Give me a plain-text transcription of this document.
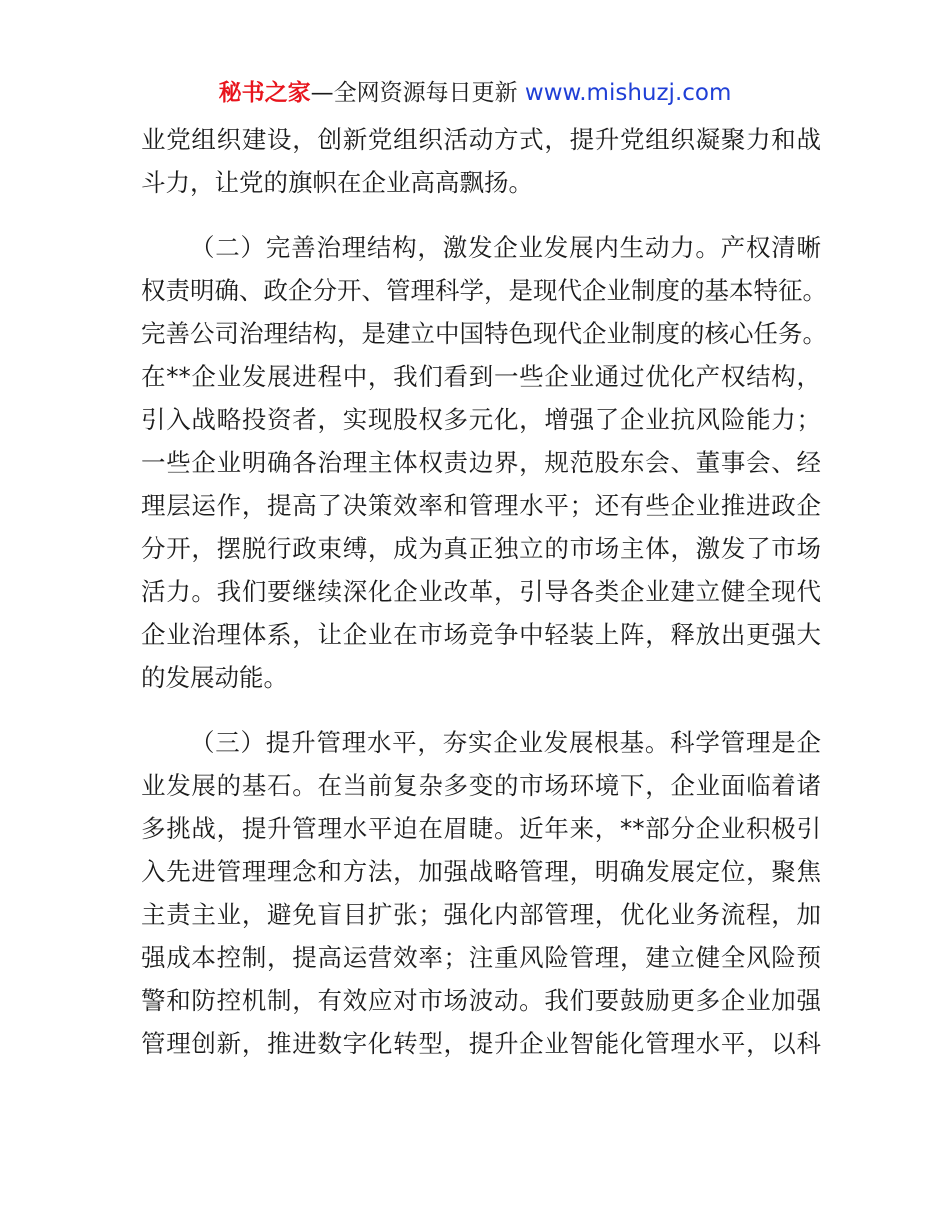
秘书之家—全网资源每日更新 www.mishuzj.com
业党组织建设，创新党组织活动方式，提升党组织凝聚力和战
斗力，让党的旗帜在企业高高飘扬。
（二）完善治理结构，激发企业发展内生动力。产权清晰
权责明确、政企分开、管理科学，是现代企业制度的基本特征。
完善公司治理结构，是建立中国特色现代企业制度的核心任务。
在**企业发展进程中，我们看到一些企业通过优化产权结构，
引入战略投资者，实现股权多元化，增强了企业抗风险能力；
一些企业明确各治理主体权责边界，规范股东会、董事会、经
理层运作，提高了决策效率和管理水平；还有些企业推进政企
分开，摆脱行政束缚，成为真正独立的市场主体，激发了市场
活力。我们要继续深化企业改革，引导各类企业建立健全现代
企业治理体系，让企业在市场竞争中轻装上阵，释放出更强大
的发展动能。
（三）提升管理水平，夯实企业发展根基。科学管理是企
业发展的基石。在当前复杂多变的市场环境下，企业面临着诸
多挑战，提升管理水平迫在眉睫。近年来，**部分企业积极引
入先进管理理念和方法，加强战略管理，明确发展定位，聚焦
主责主业，避免盲目扩张；强化内部管理，优化业务流程，加
强成本控制，提高运营效率；注重风险管理，建立健全风险预
警和防控机制，有效应对市场波动。我们要鼓励更多企业加强
管理创新，推进数字化转型，提升企业智能化管理水平，以科
